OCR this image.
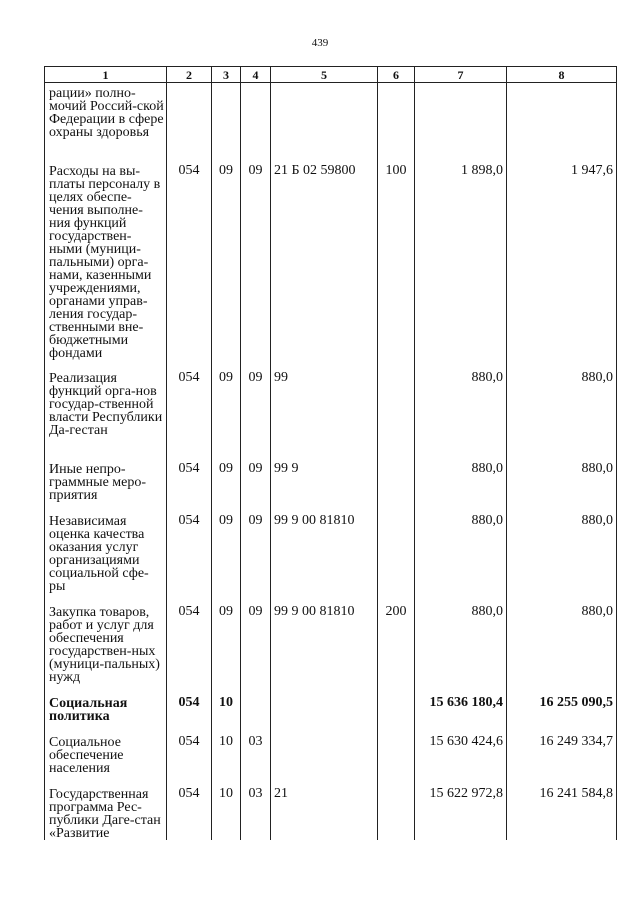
439
1	2	3	4	5	6	7	8
рации» полно-мочий Россий-ской Федерации в сфере охраны здоровья							
Расходы на вы-платы персоналу в целях обеспе-чения выполне-ния функций государствен-ными (муници-пальными) орга-нами, казенными учреждениями, органами управ-ления государ-ственными вне-бюджетными фондами	054	09	09	21 Б 02 59800	100	1 898,0	1 947,6
Реализация функций орга-нов государ-ственной власти Республики Да-гестан	054	09	09	99		880,0	880,0
Иные непро-граммные меро-приятия	054	09	09	99 9		880,0	880,0
Независимая оценка качества оказания услуг организациями социальной сфе-ры	054	09	09	99 9 00 81810		880,0	880,0
Закупка товаров, работ и услуг для обеспечения государствен-ных (муници-пальных) нужд	054	09	09	99 9 00 81810	200	880,0	880,0
Социальная политика	054	10				15 636 180,4	16 255 090,5
Социальное обеспечение населения	054	10	03			15 630 424,6	16 249 334,7
Государственная программа Рес-публики Даге-стан «Развитие	054	10	03	21		15 622 972,8	16 241 584,8
